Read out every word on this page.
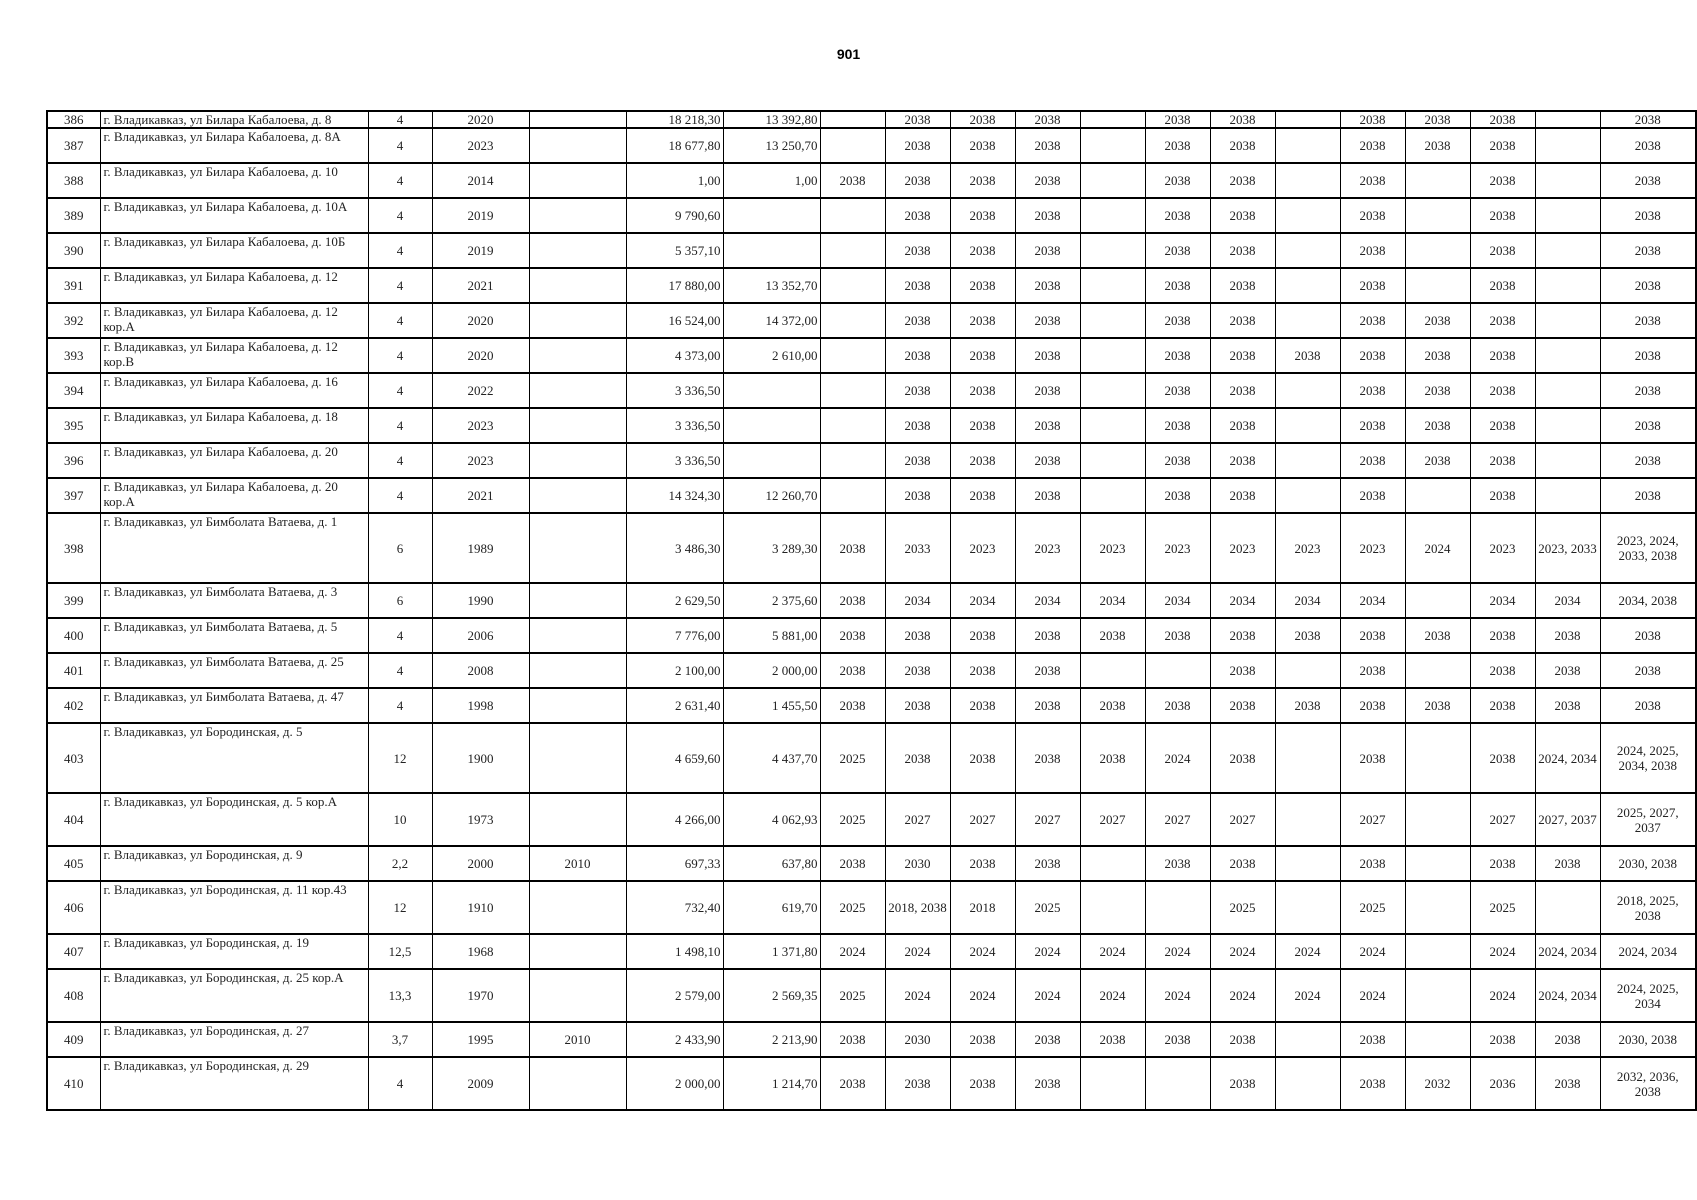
901
386	г. Владикавказ, ул Билара Кабалоева, д. 8	4	2020		18 218,30	13 392,80		2038	2038	2038		2038	2038		2038	2038	2038		2038
387	г. Владикавказ, ул Билара Кабалоева, д. 8А	4	2023		18 677,80	13 250,70		2038	2038	2038		2038	2038		2038	2038	2038		2038
388	г. Владикавказ, ул Билара Кабалоева, д. 10	4	2014		1,00	1,00	2038	2038	2038	2038		2038	2038		2038		2038		2038
389	г. Владикавказ, ул Билара Кабалоева, д. 10А	4	2019		9 790,60			2038	2038	2038		2038	2038		2038		2038		2038
390	г. Владикавказ, ул Билара Кабалоева, д. 10Б	4	2019		5 357,10			2038	2038	2038		2038	2038		2038		2038		2038
391	г. Владикавказ, ул Билара Кабалоева, д. 12	4	2021		17 880,00	13 352,70		2038	2038	2038		2038	2038		2038		2038		2038
392	г. Владикавказ, ул Билара Кабалоева, д. 12 кор.А	4	2020		16 524,00	14 372,00		2038	2038	2038		2038	2038		2038	2038	2038		2038
393	г. Владикавказ, ул Билара Кабалоева, д. 12 кор.В	4	2020		4 373,00	2 610,00		2038	2038	2038		2038	2038	2038	2038	2038	2038		2038
394	г. Владикавказ, ул Билара Кабалоева, д. 16	4	2022		3 336,50			2038	2038	2038		2038	2038		2038	2038	2038		2038
395	г. Владикавказ, ул Билара Кабалоева, д. 18	4	2023		3 336,50			2038	2038	2038		2038	2038		2038	2038	2038		2038
396	г. Владикавказ, ул Билара Кабалоева, д. 20	4	2023		3 336,50			2038	2038	2038		2038	2038		2038	2038	2038		2038
397	г. Владикавказ, ул Билара Кабалоева, д. 20 кор.А	4	2021		14 324,30	12 260,70		2038	2038	2038		2038	2038		2038		2038		2038
398	г. Владикавказ, ул Бимболата Ватаева, д. 1	6	1989		3 486,30	3 289,30	2038	2033	2023	2023	2023	2023	2023	2023	2023	2024	2023	2023, 2033	2023, 2024, 2033, 2038
399	г. Владикавказ, ул Бимболата Ватаева, д. 3	6	1990		2 629,50	2 375,60	2038	2034	2034	2034	2034	2034	2034	2034	2034		2034	2034	2034, 2038
400	г. Владикавказ, ул Бимболата Ватаева, д. 5	4	2006		7 776,00	5 881,00	2038	2038	2038	2038	2038	2038	2038	2038	2038	2038	2038	2038	2038
401	г. Владикавказ, ул Бимболата Ватаева, д. 25	4	2008		2 100,00	2 000,00	2038	2038	2038	2038			2038		2038		2038	2038	2038
402	г. Владикавказ, ул Бимболата Ватаева, д. 47	4	1998		2 631,40	1 455,50	2038	2038	2038	2038	2038	2038	2038	2038	2038	2038	2038	2038	2038
403	г. Владикавказ, ул Бородинская, д. 5	12	1900		4 659,60	4 437,70	2025	2038	2038	2038	2038	2024	2038		2038		2038	2024, 2034	2024, 2025, 2034, 2038
404	г. Владикавказ, ул Бородинская, д. 5 кор.А	10	1973		4 266,00	4 062,93	2025	2027	2027	2027	2027	2027	2027		2027		2027	2027, 2037	2025, 2027, 2037
405	г. Владикавказ, ул Бородинская, д. 9	2,2	2000	2010	697,33	637,80	2038	2030	2038	2038		2038	2038		2038		2038	2038	2030, 2038
406	г. Владикавказ, ул Бородинская, д. 11 кор.43	12	1910		732,40	619,70	2025	2018, 2038	2018	2025			2025		2025		2025		2018, 2025, 2038
407	г. Владикавказ, ул Бородинская, д. 19	12,5	1968		1 498,10	1 371,80	2024	2024	2024	2024	2024	2024	2024	2024	2024		2024	2024, 2034	2024, 2034
408	г. Владикавказ, ул Бородинская, д. 25 кор.А	13,3	1970		2 579,00	2 569,35	2025	2024	2024	2024	2024	2024	2024	2024	2024		2024	2024, 2034	2024, 2025, 2034
409	г. Владикавказ, ул Бородинская, д. 27	3,7	1995	2010	2 433,90	2 213,90	2038	2030	2038	2038	2038	2038	2038		2038		2038	2038	2030, 2038
410	г. Владикавказ, ул Бородинская, д. 29	4	2009		2 000,00	1 214,70	2038	2038	2038	2038			2038		2038	2032	2036	2038	2032, 2036, 2038
